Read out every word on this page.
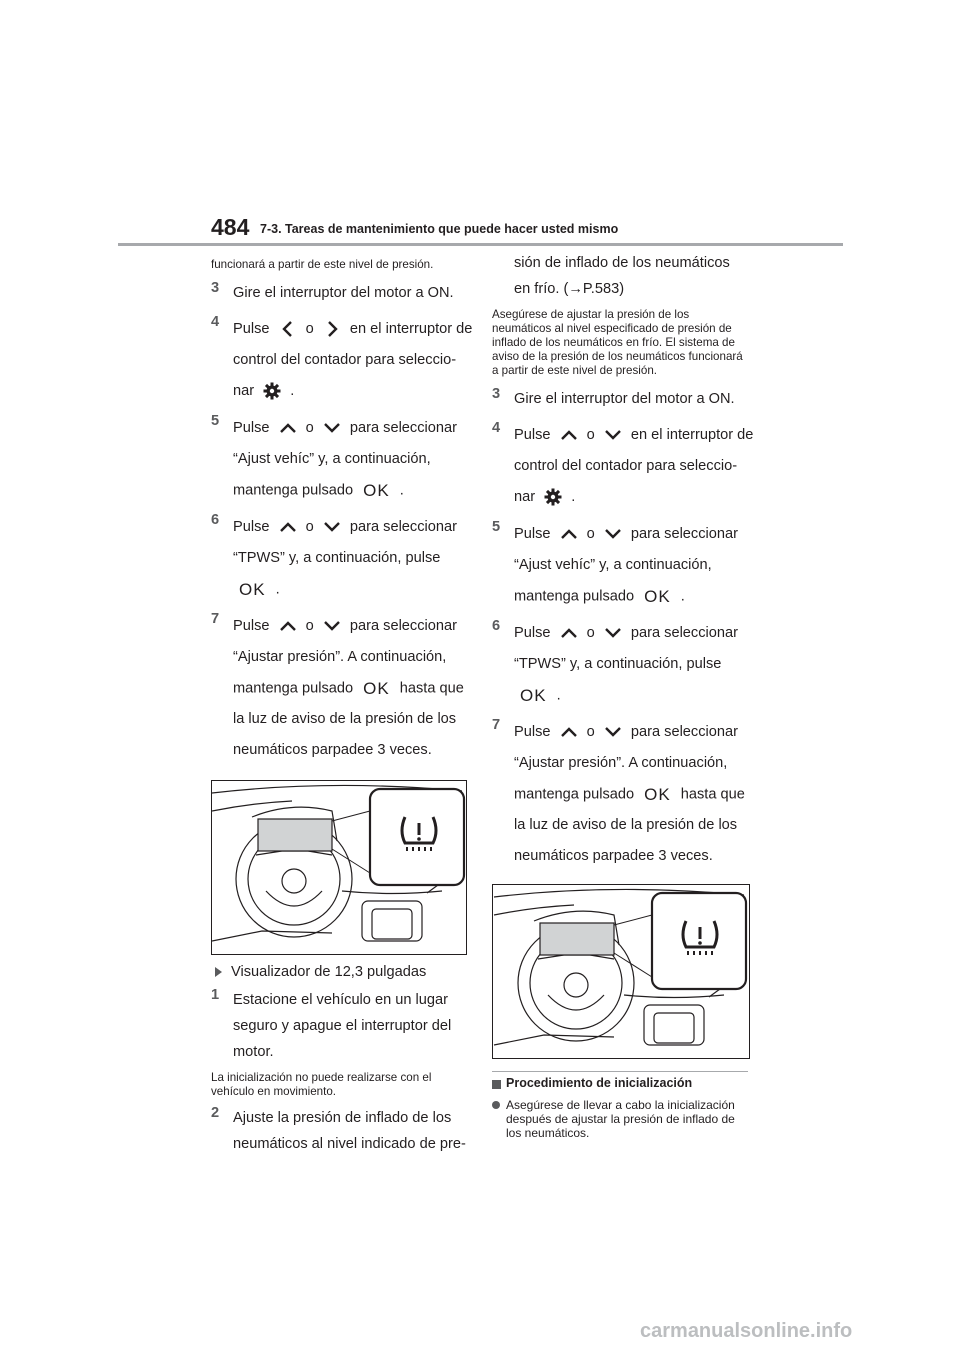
484 7-3. Tareas de mantenimiento que puede hacer usted mismo

funcionará a partir de este nivel de presión.

3 Gire el interruptor del motor a ON.
4 Pulse o en el interruptor de
control del contador para seleccio-
nar .
5 Pulse o para seleccionar
“Ajust vehíc” y, a continuación,
mantenga pulsado OK .
6 Pulse o para seleccionar
“TPWS” y, a continuación, pulse
OK .
7 Pulse o para seleccionar
“Ajustar presión”. A continuación,
mantenga pulsado OK hasta que
la luz de aviso de la presión de los
neumáticos parpadee 3 veces.
Visualizador de 12,3 pulgadas
1 Estacione el vehículo en un lugar
seguro y apague el interruptor del
motor.

La inicialización no puede realizarse con el vehículo en movimiento.

2 Ajuste la presión de inflado de los
neumáticos al nivel indicado de pre-
sión de inflado de los neumáticos
en frío. (→P.583)

Asegúrese de ajustar la presión de los neumáticos al nivel especificado de presión de inflado de los neumáticos en frío. El sistema de aviso de la presión de los neumáticos funcionará a partir de este nivel de presión.

3 Gire el interruptor del motor a ON.
4 Pulse o en el interruptor de
control del contador para seleccio-
nar .
5 Pulse o para seleccionar
“Ajust vehíc” y, a continuación,
mantenga pulsado OK .
6 Pulse o para seleccionar
“TPWS” y, a continuación, pulse
OK .
7 Pulse o para seleccionar
“Ajustar presión”. A continuación,
mantenga pulsado OK hasta que
la luz de aviso de la presión de los
neumáticos parpadee 3 veces.
Procedimiento de inicialización
Asegúrese de llevar a cabo la inicialización después de ajustar la presión de inflado de los neumáticos.
carmanualsonline.info
